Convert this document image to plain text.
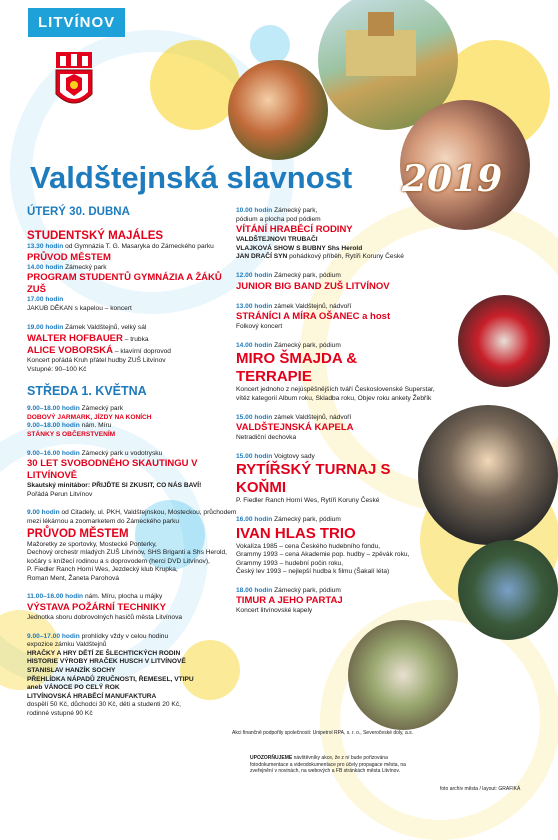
LITVÍNOV
Valdštejnská slavnost 2019
ÚTERÝ 30. DUBNA
STUDENTSKÝ MAJÁLES
13.30 hodin od Gymnázia T. G. Masaryka do Zámeckého parku
PRŮVOD MĚSTEM
14.00 hodin Zámecký park
PROGRAM STUDENTŮ GYMNÁZIA A ŽÁKŮ ZUŠ
17.00 hodin
JAKUB DĚKAN s kapelou – koncert
19.00 hodin Zámek Valdštejnů, velký sál
WALTER HOFBAUER – trubka
ALICE VOBORSKÁ – klavírní doprovod
Koncert pořádá Kruh přátel hudby ZUŠ Litvínov
Vstupné: 90–100 Kč
STŘEDA 1. KVĚTNA
9.00–18.00 hodin Zámecký park
DOBOVÝ JARMARK, JÍZDY NA KONÍCH
9.00–18.00 hodin nám. Míru
STÁNKY S OBČERSTVENÍM
9.00–16.00 hodin Zámecký park u vodotrysku
30 LET SVOBODNÉHO SKAUTINGU V LITVÍNOVĚ
Skautský minitábor: PŘIJĎTE SI ZKUSIT, CO NÁS BAVÍ!
Pořádá Perun Litvínov
9.00 hodin od Citadely, ul. PKH, Valdštejnskou, Mosteckou, průchodem mezi lékárnou a zoomarketem do Zámeckého parku
PRŮVOD MĚSTEM
Mažoretky ze sportovky, Mostecké Ponterky,
Dechový orchestr mladých ZUŠ Litvínov, SHS Briganti a Shs Herold,
kočáry s knížecí rodinou a s doprovodem (herci DVD Litvínov),
P. Fiedler Ranch Horní Wes, Jezdecký klub Krupka,
Roman Ment, Žaneta Parohová
11.00–16.00 hodin nám. Míru, plocha u májky
VÝSTAVA POŽÁRNÍ TECHNIKY
Jednotka sboru dobrovolných hasičů města Litvínova
9.00–17.00 hodin prohlídky vždy v celou hodinu
expozice zámku Valdštejnů
HRAČKY A HRY DĚTÍ ZE ŠLECHTICKÝCH RODIN
HISTORIE VÝROBY HRAČEK HUSCH V LITVÍNOVĚ
STANISLAV HANZÍK SOCHY
PŘEHLÍDKA NÁPADŮ ZRUČNOSTI, ŘEMESEL, VTIPU
aneb VÁNOCE PO CELÝ ROK
LITVÍNOVSKÁ HRABĚCÍ MANUFAKTURA
dospělí 50 Kč, důchodci 30 Kč, děti a studenti 20 Kč,
rodinné vstupné 90 Kč
10.00 hodin Zámecký park,
pódium a plocha pod pódiem
VÍTÁNÍ HRABĚCÍ RODINY
VALDŠTEJNOVI TRUBAČI
VLAJKOVÁ SHOW S BUBNY Shs Herold
JAN DRAČÍ SYN pohádkový příběh, Rytíři Koruny České
12.00 hodin Zámecký park, pódium
JUNIOR BIG BAND ZUŠ LITVÍNOV
13.00 hodin zámek Valdštejnů, nádvoří
STRÁNÍCI A MÍRA OŠANEC a host
Folkový koncert
14.00 hodin Zámecký park, pódium
MIRO ŠMAJDA & TERRAPIE
Koncert jednoho z nejúspěšnějších tváří Československé Superstar,
vítěz kategorií Album roku, Skladba roku, Objev roku ankety Žebřík
15.00 hodin zámek Valdštejnů, nádvoří
VALDŠTEJNSKÁ KAPELA
Netradiční dechovka
15.00 hodin Voigtovy sady
RYTÍŘSKÝ TURNAJ S KOŇMI
P. Fiedler Ranch Horní Wes, Rytíři Koruny České
16.00 hodin Zámecký park, pódium
IVAN HLAS TRIO
Vokalíza 1985 – cena Českého hudebního fondu,
Grammy 1993 – cena Akademie pop. hudby – zpěvák roku,
Grammy 1993 – hudební počin roku,
Český lev 1993 – nejlepší hudba k filmu (Šakalí léta)
18.00 hodin Zámecký park, pódium
TIMUR A JEHO PARTAJ
Koncert litvínovské kapely
Akci finančně podpořily společnosti: Unipetrol RPA, s. r. o., Severočeské doly, a.s.
UPOZORŇUJEME návštěvníky akce, že z ní bude pořizována fotodokumentace a videodokumentace pro účely propagace města, na zveřejnění v novinách, na webových a FB stránkách města Litvínov.
foto archiv města / layout: GRAFIKÁ
